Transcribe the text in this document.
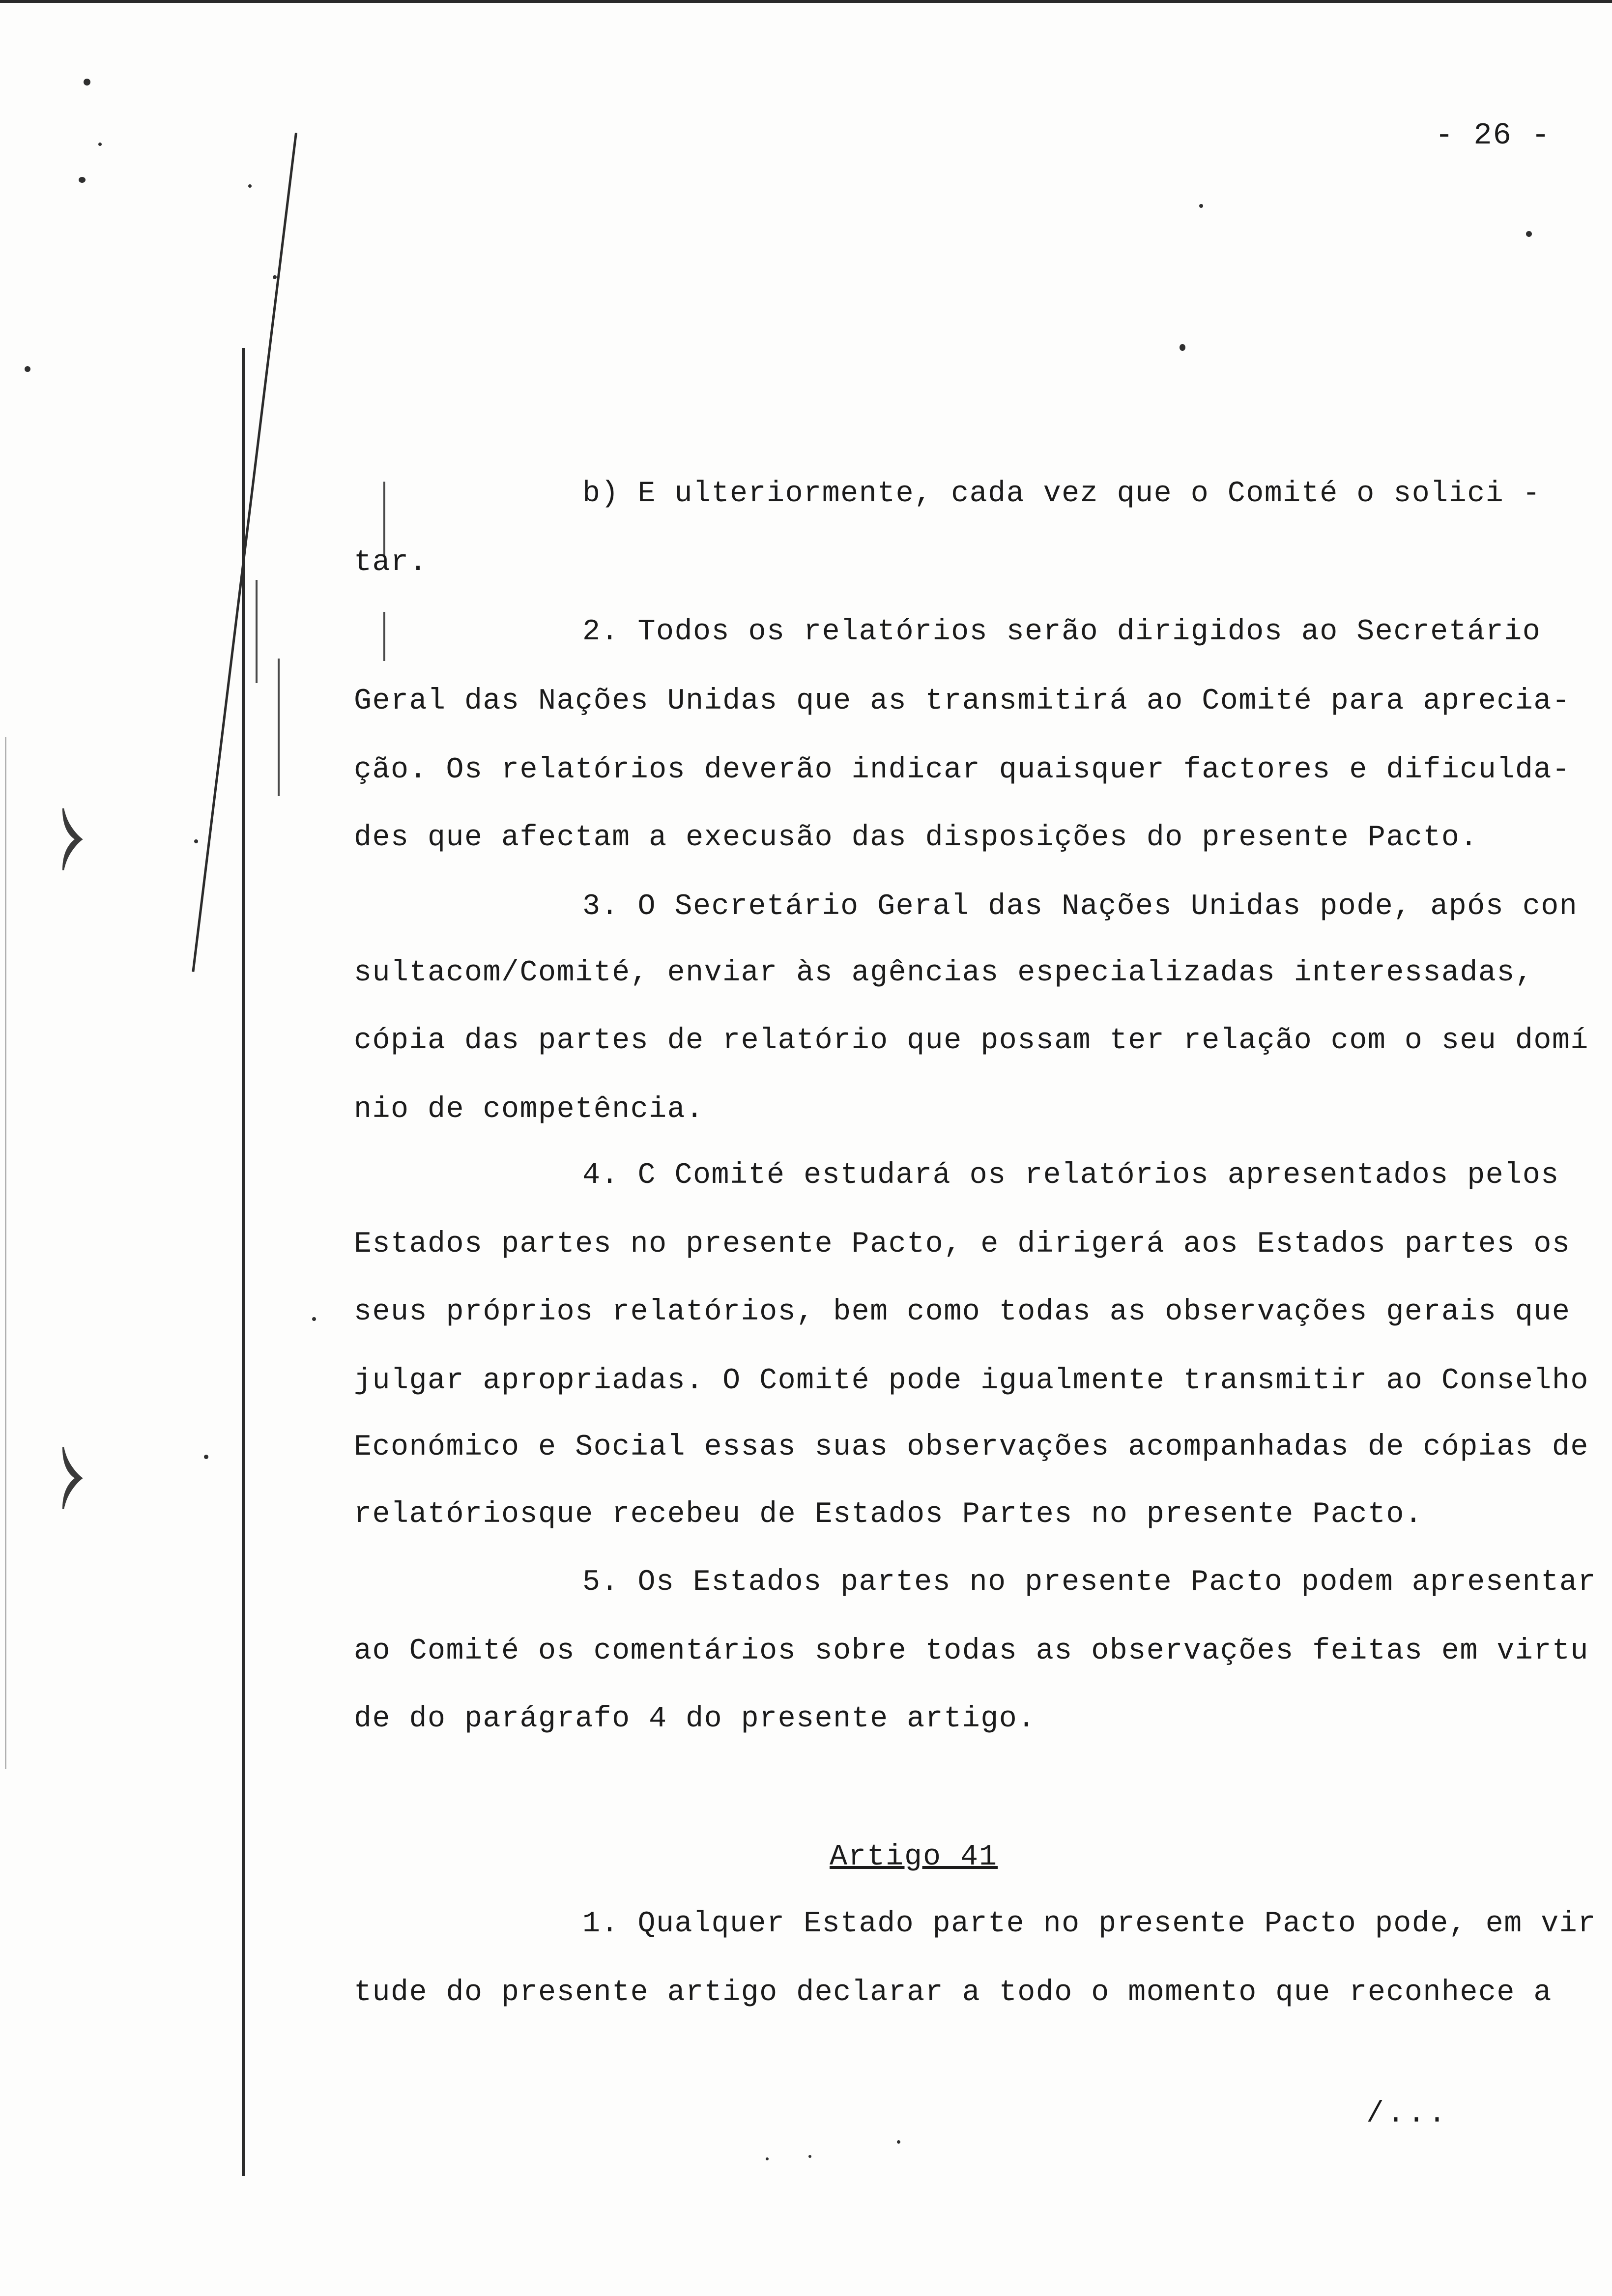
⧽
⧽
- 26 -
b) E ulteriormente, cada vez que o Comité o solici -
tar.
2. Todos os relatórios serão dirigidos ao Secretário
Geral das Nações Unidas que as transmitirá ao Comité para aprecia-
ção. Os relatórios deverão indicar quaisquer factores e dificulda-
des que afectam a execusão das disposições do presente Pacto.
3. O Secretário Geral das Nações Unidas pode, após con
sultacom/Comité, enviar às agências especializadas interessadas,
cópia das partes de relatório que possam ter relação com o seu domí
nio de competência.
4. C Comité estudará os relatórios apresentados pelos
Estados partes no presente Pacto, e dirigerá aos Estados partes os
seus próprios relatórios, bem como todas as observações gerais que
julgar apropriadas. O Comité pode igualmente transmitir ao Conselho
Económico e Social essas suas observações acompanhadas de cópias de
relatóriosque recebeu de Estados Partes no presente Pacto.
5. Os Estados partes no presente Pacto podem apresentar
ao Comité os comentários sobre todas as observações feitas em virtu
de do parágrafo 4 do presente artigo.
Artigo 41
1. Qualquer Estado parte no presente Pacto pode, em vir
tude do presente artigo declarar a todo o momento que reconhece a
/...
